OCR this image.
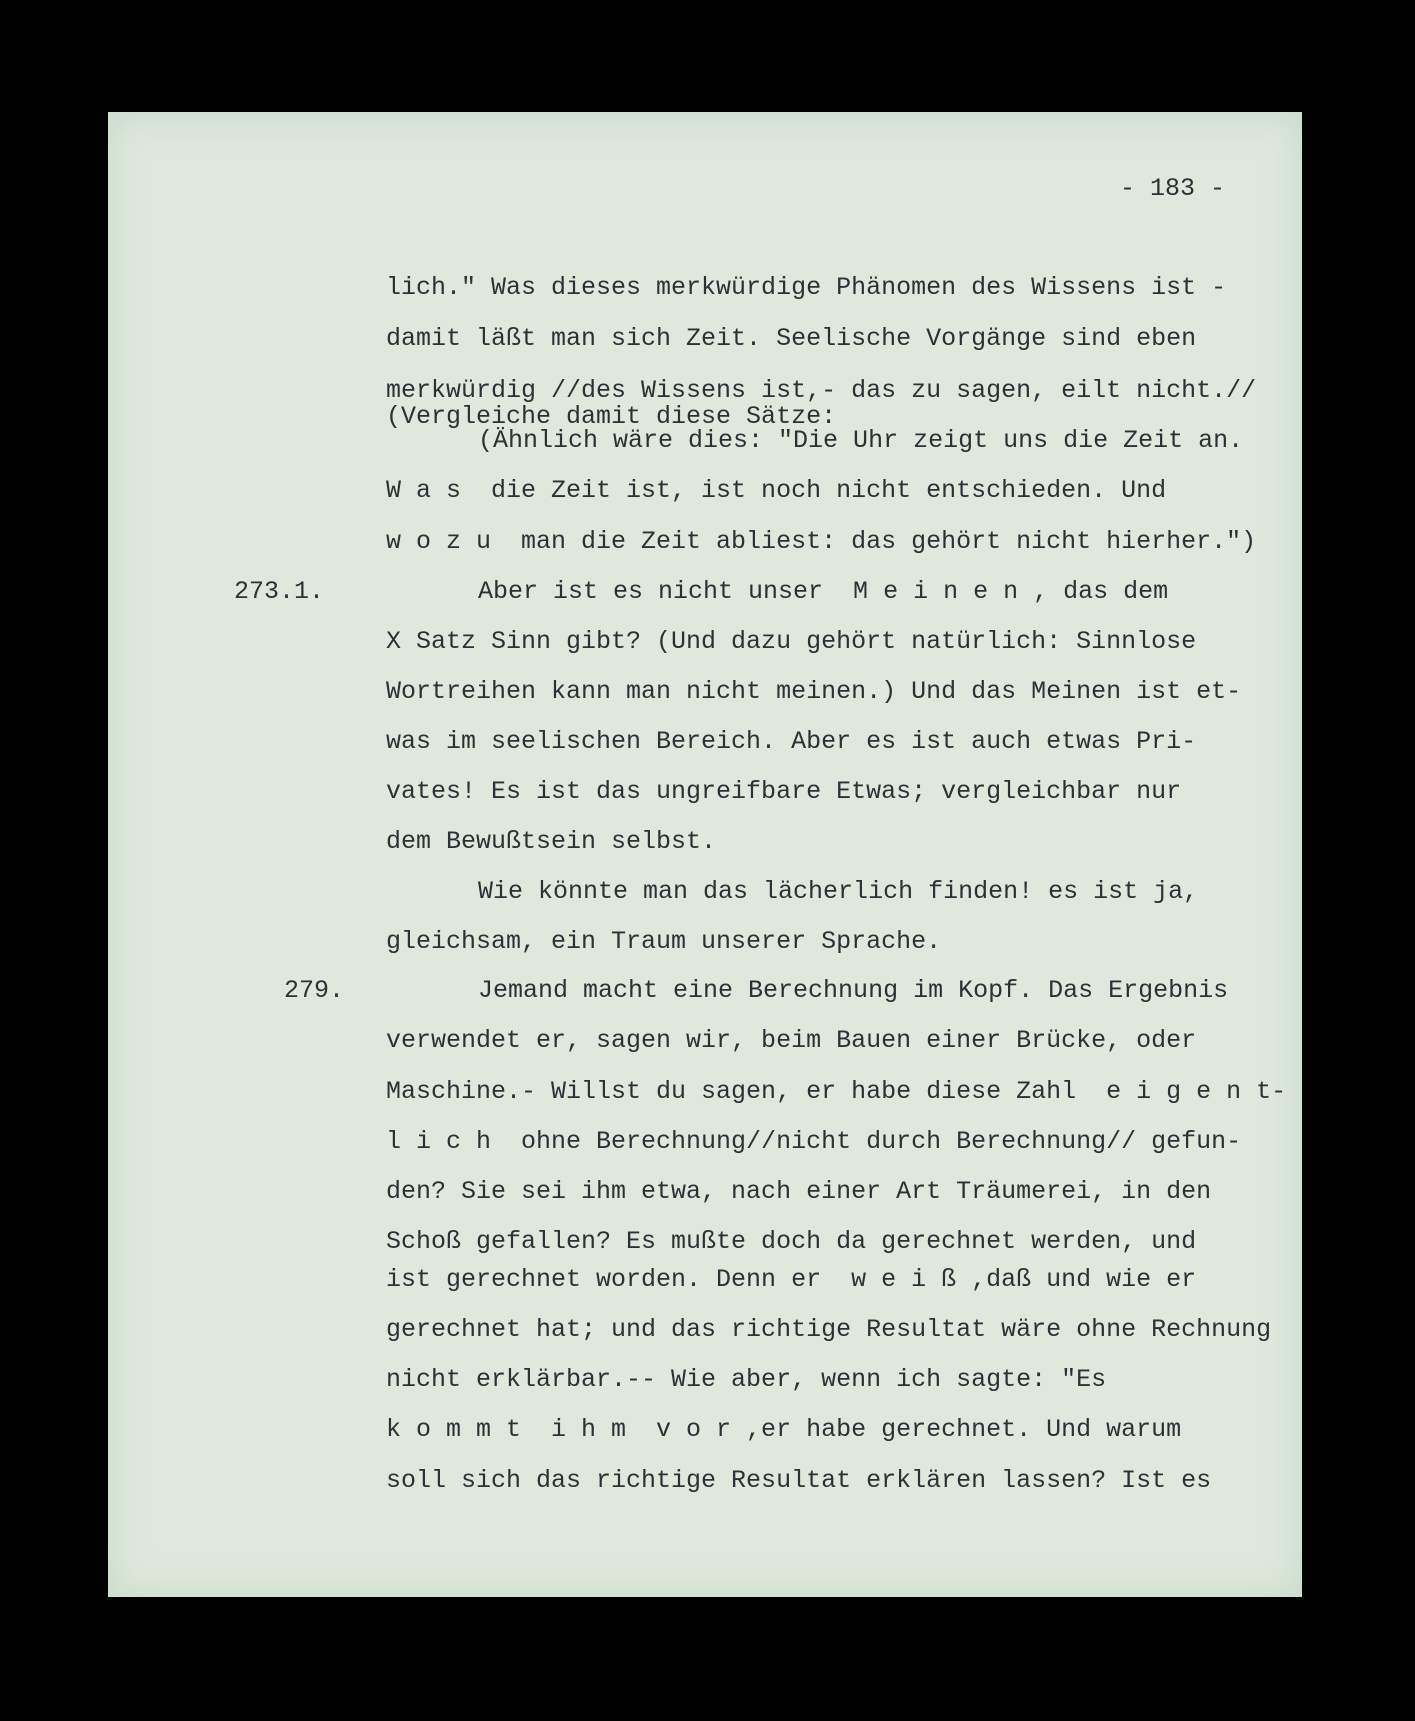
- 183 -
lich." Was dieses merkwürdige Phänomen des Wissens ist -
damit läßt man sich Zeit. Seelische Vorgänge sind eben
merkwürdig //des Wissens ist,- das zu sagen, eilt nicht.//
(Vergleiche damit diese Sätze:
(Ähnlich wäre dies: "Die Uhr zeigt uns die Zeit an.
W a s  die Zeit ist, ist noch nicht entschieden. Und
w o z u  man die Zeit abliest: das gehört nicht hierher.")
Aber ist es nicht unser  M e i n e n , das dem
X Satz Sinn gibt? (Und dazu gehört natürlich: Sinnlose
Wortreihen kann man nicht meinen.) Und das Meinen ist et-
was im seelischen Bereich. Aber es ist auch etwas Pri-
vates! Es ist das ungreifbare Etwas; vergleichbar nur
dem Bewußtsein selbst.
Wie könnte man das lächerlich finden! es ist ja,
gleichsam, ein Traum unserer Sprache.
Jemand macht eine Berechnung im Kopf. Das Ergebnis
verwendet er, sagen wir, beim Bauen einer Brücke, oder
Maschine.- Willst du sagen, er habe diese Zahl  e i g e n t-
l i c h  ohne Berechnung//nicht durch Berechnung// gefun-
den? Sie sei ihm etwa, nach einer Art Träumerei, in den
Schoß gefallen? Es mußte doch da gerechnet werden, und
ist gerechnet worden. Denn er  w e i ß ,daß und wie er
gerechnet hat; und das richtige Resultat wäre ohne Rechnung
nicht erklärbar.-- Wie aber, wenn ich sagte: "Es
k o m m t  i h m  v o r ,er habe gerechnet. Und warum
soll sich das richtige Resultat erklären lassen? Ist es
273.1.
279.
